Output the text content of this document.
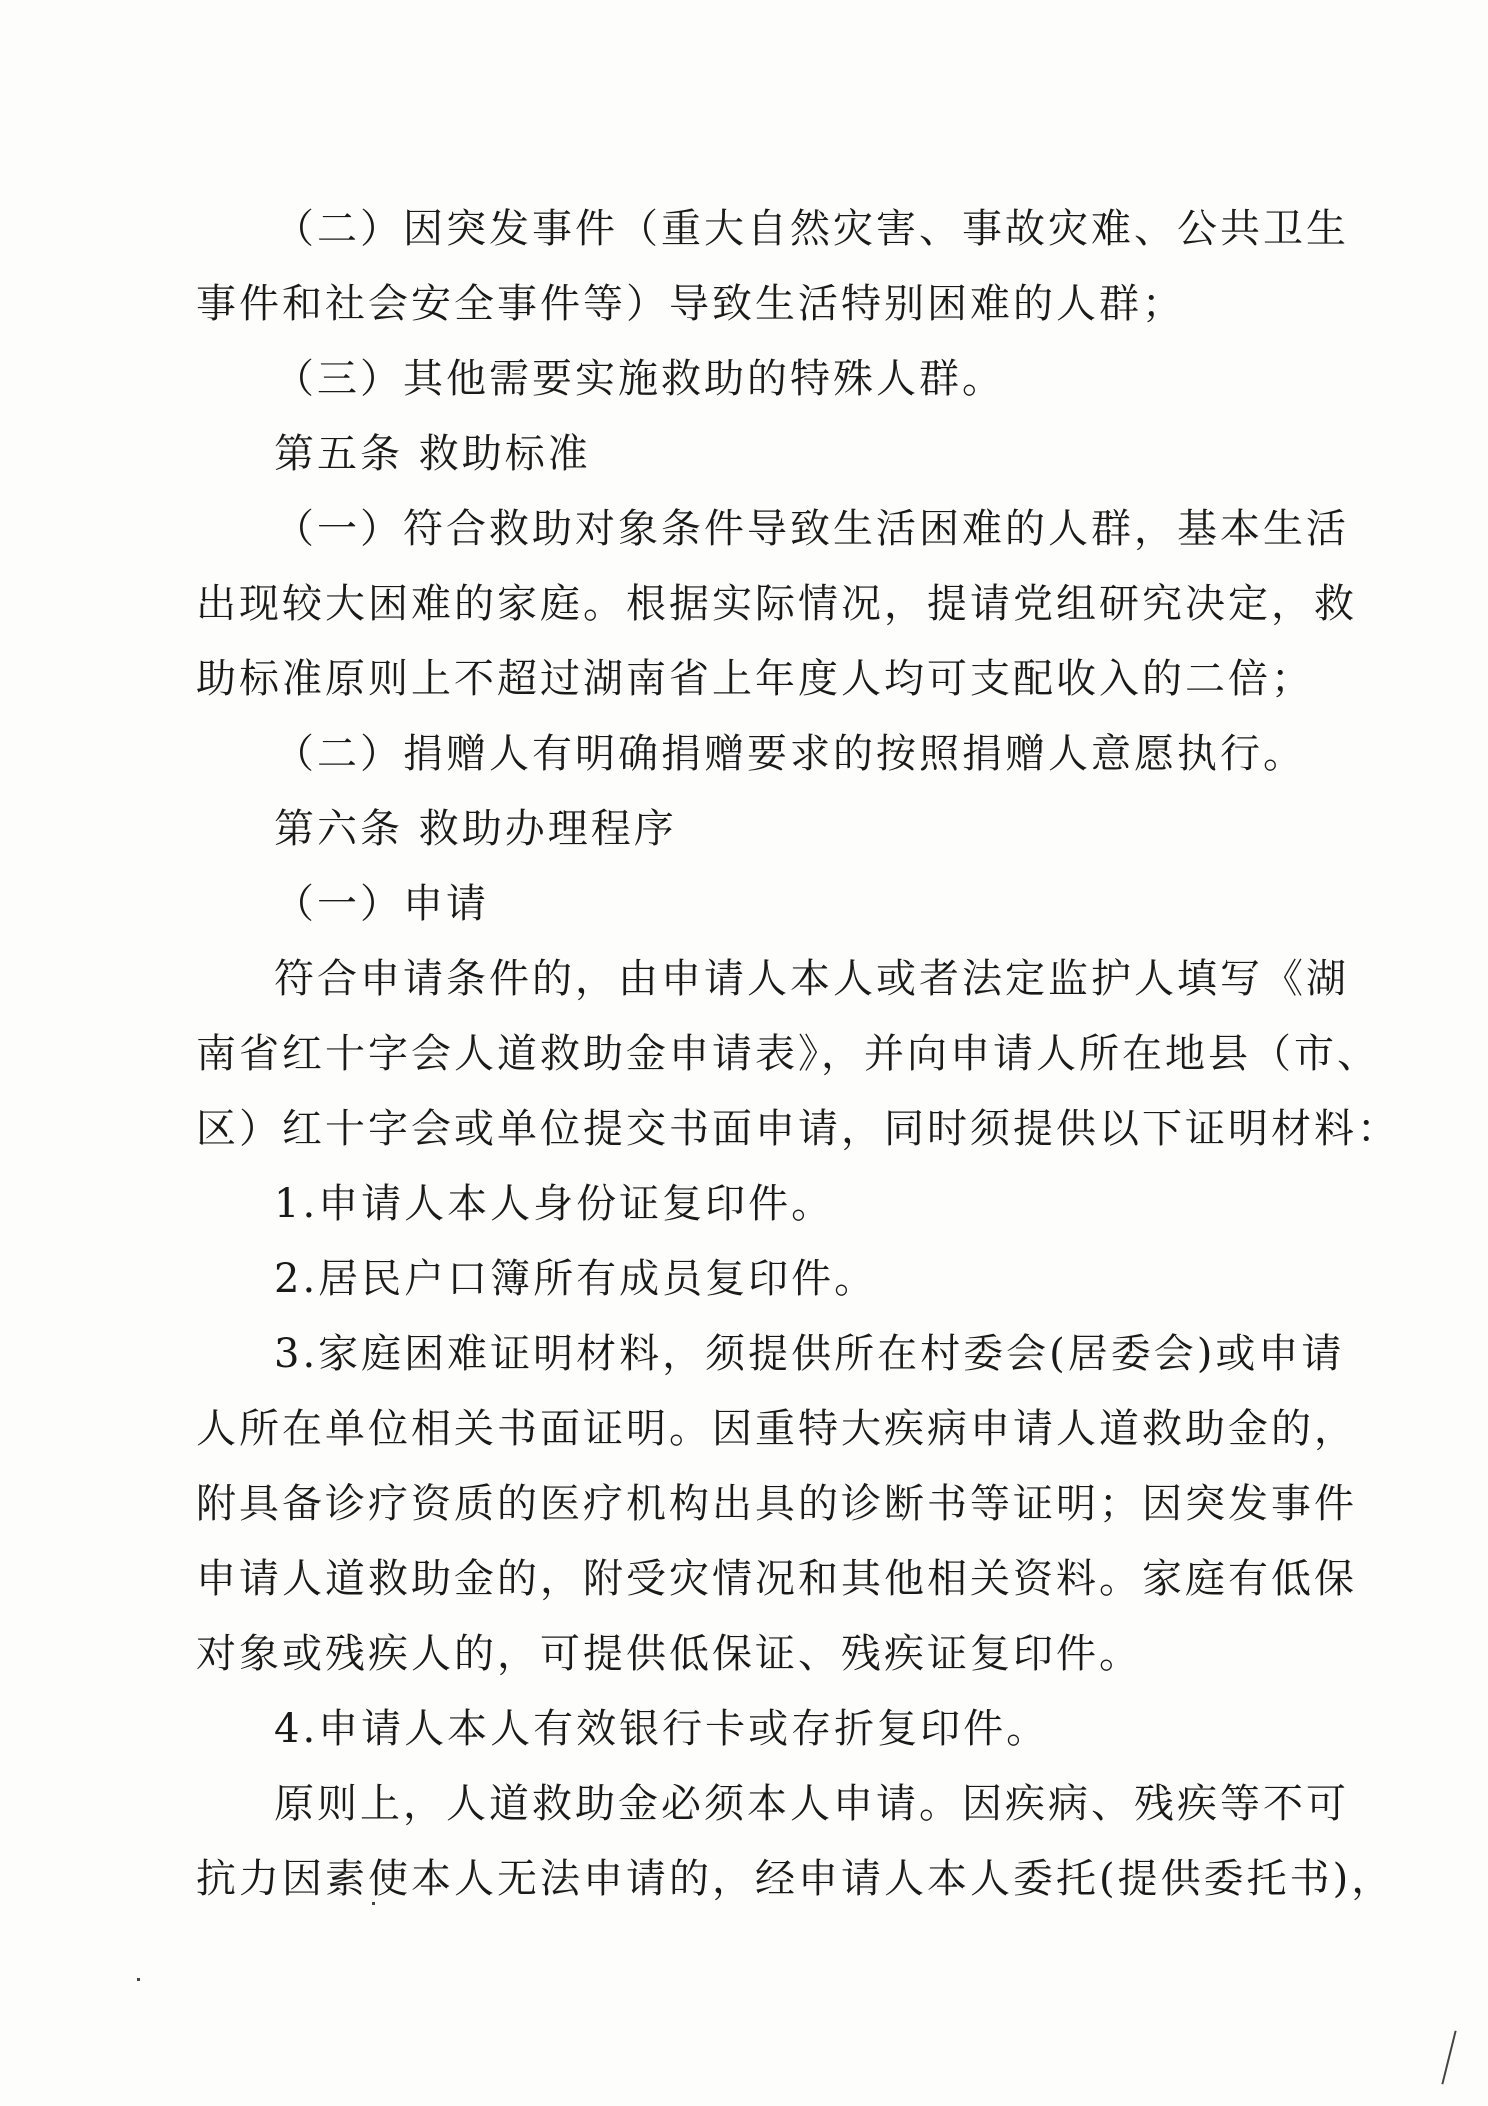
（二）因突发事件（重大自然灾害、事故灾难、公共卫生
事件和社会安全事件等）导致生活特别困难的人群；
（三）其他需要实施救助的特殊人群。
第五条 救助标准
（一）符合救助对象条件导致生活困难的人群，基本生活
出现较大困难的家庭。根据实际情况，提请党组研究决定，救
助标准原则上不超过湖南省上年度人均可支配收入的二倍；
（二）捐赠人有明确捐赠要求的按照捐赠人意愿执行。
第六条 救助办理程序
（一）申请
符合申请条件的，由申请人本人或者法定监护人填写《湖
南省红十字会人道救助金申请表》，并向申请人所在地县（市、
区）红十字会或单位提交书面申请，同时须提供以下证明材料：
1.申请人本人身份证复印件。
2.居民户口簿所有成员复印件。
3.家庭困难证明材料，须提供所在村委会(居委会)或申请
人所在单位相关书面证明。因重特大疾病申请人道救助金的，
附具备诊疗资质的医疗机构出具的诊断书等证明；因突发事件
申请人道救助金的，附受灾情况和其他相关资料。家庭有低保
对象或残疾人的，可提供低保证、残疾证复印件。
4.申请人本人有效银行卡或存折复印件。
原则上，人道救助金必须本人申请。因疾病、残疾等不可
抗力因素使本人无法申请的，经申请人本人委托(提供委托书)，
